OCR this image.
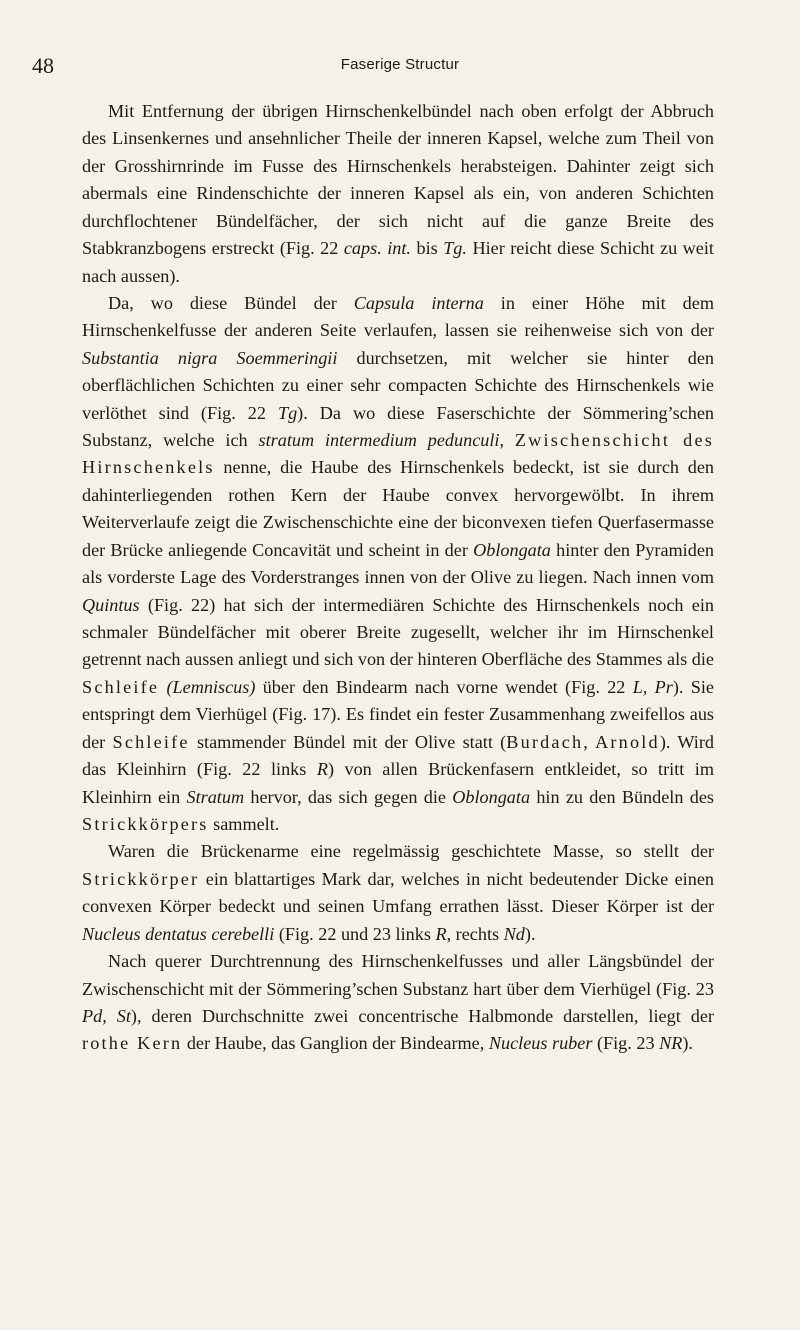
48	Faserige Structur

Mit Entfernung der übrigen Hirnschenkelbündel nach oben erfolgt der Abbruch des Linsenkernes und ansehnlicher Theile der inneren Kapsel, welche zum Theil von der Grosshirnrinde im Fusse des Hirnschenkels herabsteigen. Dahinter zeigt sich abermals eine Rindenschichte der inneren Kapsel als ein, von anderen Schichten durchflochtener Bündelfächer, der sich nicht auf die ganze Breite des Stabkranzbogens erstreckt (Fig. 22 caps. int. bis Tg. Hier reicht diese Schicht zu weit nach aussen).

Da, wo diese Bündel der Capsula interna in einer Höhe mit dem Hirnschenkelfusse der anderen Seite verlaufen, lassen sie reihenweise sich von der Substantia nigra Soemmeringii durchsetzen, mit welcher sie hinter den oberflächlichen Schichten zu einer sehr compacten Schichte des Hirnschenkels wie verlöthet sind (Fig. 22 Tg). Da wo diese Faserschichte der Sömmering’schen Substanz, welche ich stratum intermedium pedunculi, Zwischenschicht des Hirnschenkels nenne, die Haube des Hirnschenkels bedeckt, ist sie durch den dahinterliegenden rothen Kern der Haube convex hervorgewölbt. In ihrem Weiterverlaufe zeigt die Zwischenschichte eine der biconvexen tiefen Querfasermasse der Brücke anliegende Concavität und scheint in der Oblongata hinter den Pyramiden als vorderste Lage des Vorderstranges innen von der Olive zu liegen. Nach innen vom Quintus (Fig. 22) hat sich der intermediären Schichte des Hirnschenkels noch ein schmaler Bündelfächer mit oberer Breite zugesellt, welcher ihr im Hirnschenkel getrennt nach aussen anliegt und sich von der hinteren Oberfläche des Stammes als die Schleife (Lemniscus) über den Bindearm nach vorne wendet (Fig. 22 L, Pr). Sie entspringt dem Vierhügel (Fig. 17). Es findet ein fester Zusammenhang zweifellos aus der Schleife stammender Bündel mit der Olive statt (Burdach, Arnold). Wird das Kleinhirn (Fig. 22 links R) von allen Brückenfasern entkleidet, so tritt im Kleinhirn ein Stratum hervor, das sich gegen die Oblongata hin zu den Bündeln des Strickkörpers sammelt.

Waren die Brückenarme eine regelmässig geschichtete Masse, so stellt der Strickkörper ein blattartiges Mark dar, welches in nicht bedeutender Dicke einen convexen Körper bedeckt und seinen Umfang errathen lässt. Dieser Körper ist der Nucleus dentatus cerebelli (Fig. 22 und 23 links R, rechts Nd).

Nach querer Durchtrennung des Hirnschenkelfusses und aller Längsbündel der Zwischenschicht mit der Sömmering’schen Substanz hart über dem Vierhügel (Fig. 23 Pd, St), deren Durchschnitte zwei concentrische Halbmonde darstellen, liegt der rothe Kern der Haube, das Ganglion der Bindearme, Nucleus ruber (Fig. 23 NR).
